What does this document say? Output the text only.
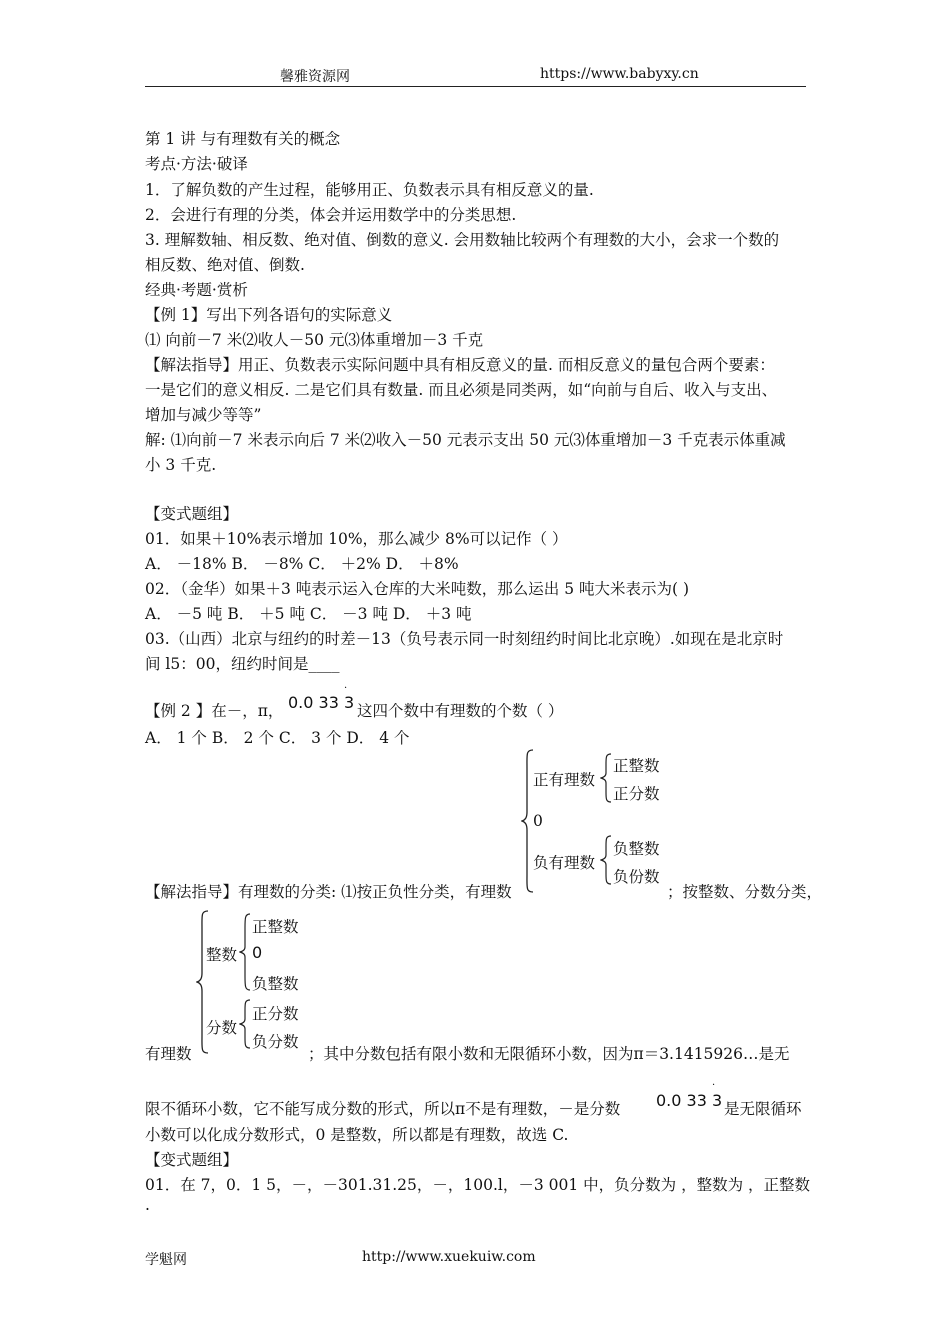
馨雅资源网	https://www.babyxy.cn
第 1 讲 与有理数有关的概念
考点·方法·破译
1．了解负数的产生过程，能够用正、负数表示具有相反意义的量.
2．会进行有理的分类，体会并运用数学中的分类思想.
3. 理解数轴、相反数、绝对值、倒数的意义. 会用数轴比较两个有理数的大小，会求一个数的
相反数、绝对值、倒数.
经典·考题·赏析
【例 1】写出下列各语句的实际意义
⑴ 向前－7 米⑵收人－50 元⑶体重增加－3 千克
【解法指导】用正、负数表示实际问题中具有相反意义的量. 而相反意义的量包合两个要素：
一是它们的意义相反. 二是它们具有数量. 而且必须是同类两，如“向前与自后、收入与支出、
增加与减少等等”
解: ⑴向前－7 米表示向后 7 米⑵收入－50 元表示支出 50 元⑶体重增加－3 千克表示体重减
小 3 千克.
【变式题组】
01．如果＋10%表示增加 10%，那么减少 8%可以记作（ ）
A． －18% B． －8% C． ＋2% D． ＋8%
02．（金华）如果＋3 吨表示运入仓库的大米吨数，那么运出 5 吨大米表示为( )
A． －5 吨 B． ＋5 吨 C． －3 吨 D． ＋3 吨
03.（山西）北京与纽约的时差－13（负号表示同一时刻纽约时间比北京晚）.如现在是北京时
间 l5：00，纽约时间是____
【例 2 】在－，π， 0.0 33 3
·
这四个数中有理数的个数（ ）
A． 1 个 B． 2 个 C． 3 个 D． 4 个
正有理数
正整数
正分数
0
负有理数
负整数
负份数
【解法指导】有理数的分类: ⑴按正负性分类，有理数	；按整数、分数分类，
有理数
整数
正整数
0
负整数
分数
正分数
负分数
；其中分数包括有限小数和无限循环小数，因为π＝3.1415926…是无
限不循环小数，它不能写成分数的形式，所以π不是有理数，－是分数 0.0 33 3
·
是无限循环
小数可以化成分数形式，0 是整数，所以都是有理数，故选 C.
【变式题组】
01．在 7，0．1 5，－，－301.31.25，－，100.l，－3 001 中，负分数为 ，整数为 ，正整数
.
学魁网	http://www.xuekuiw.com
